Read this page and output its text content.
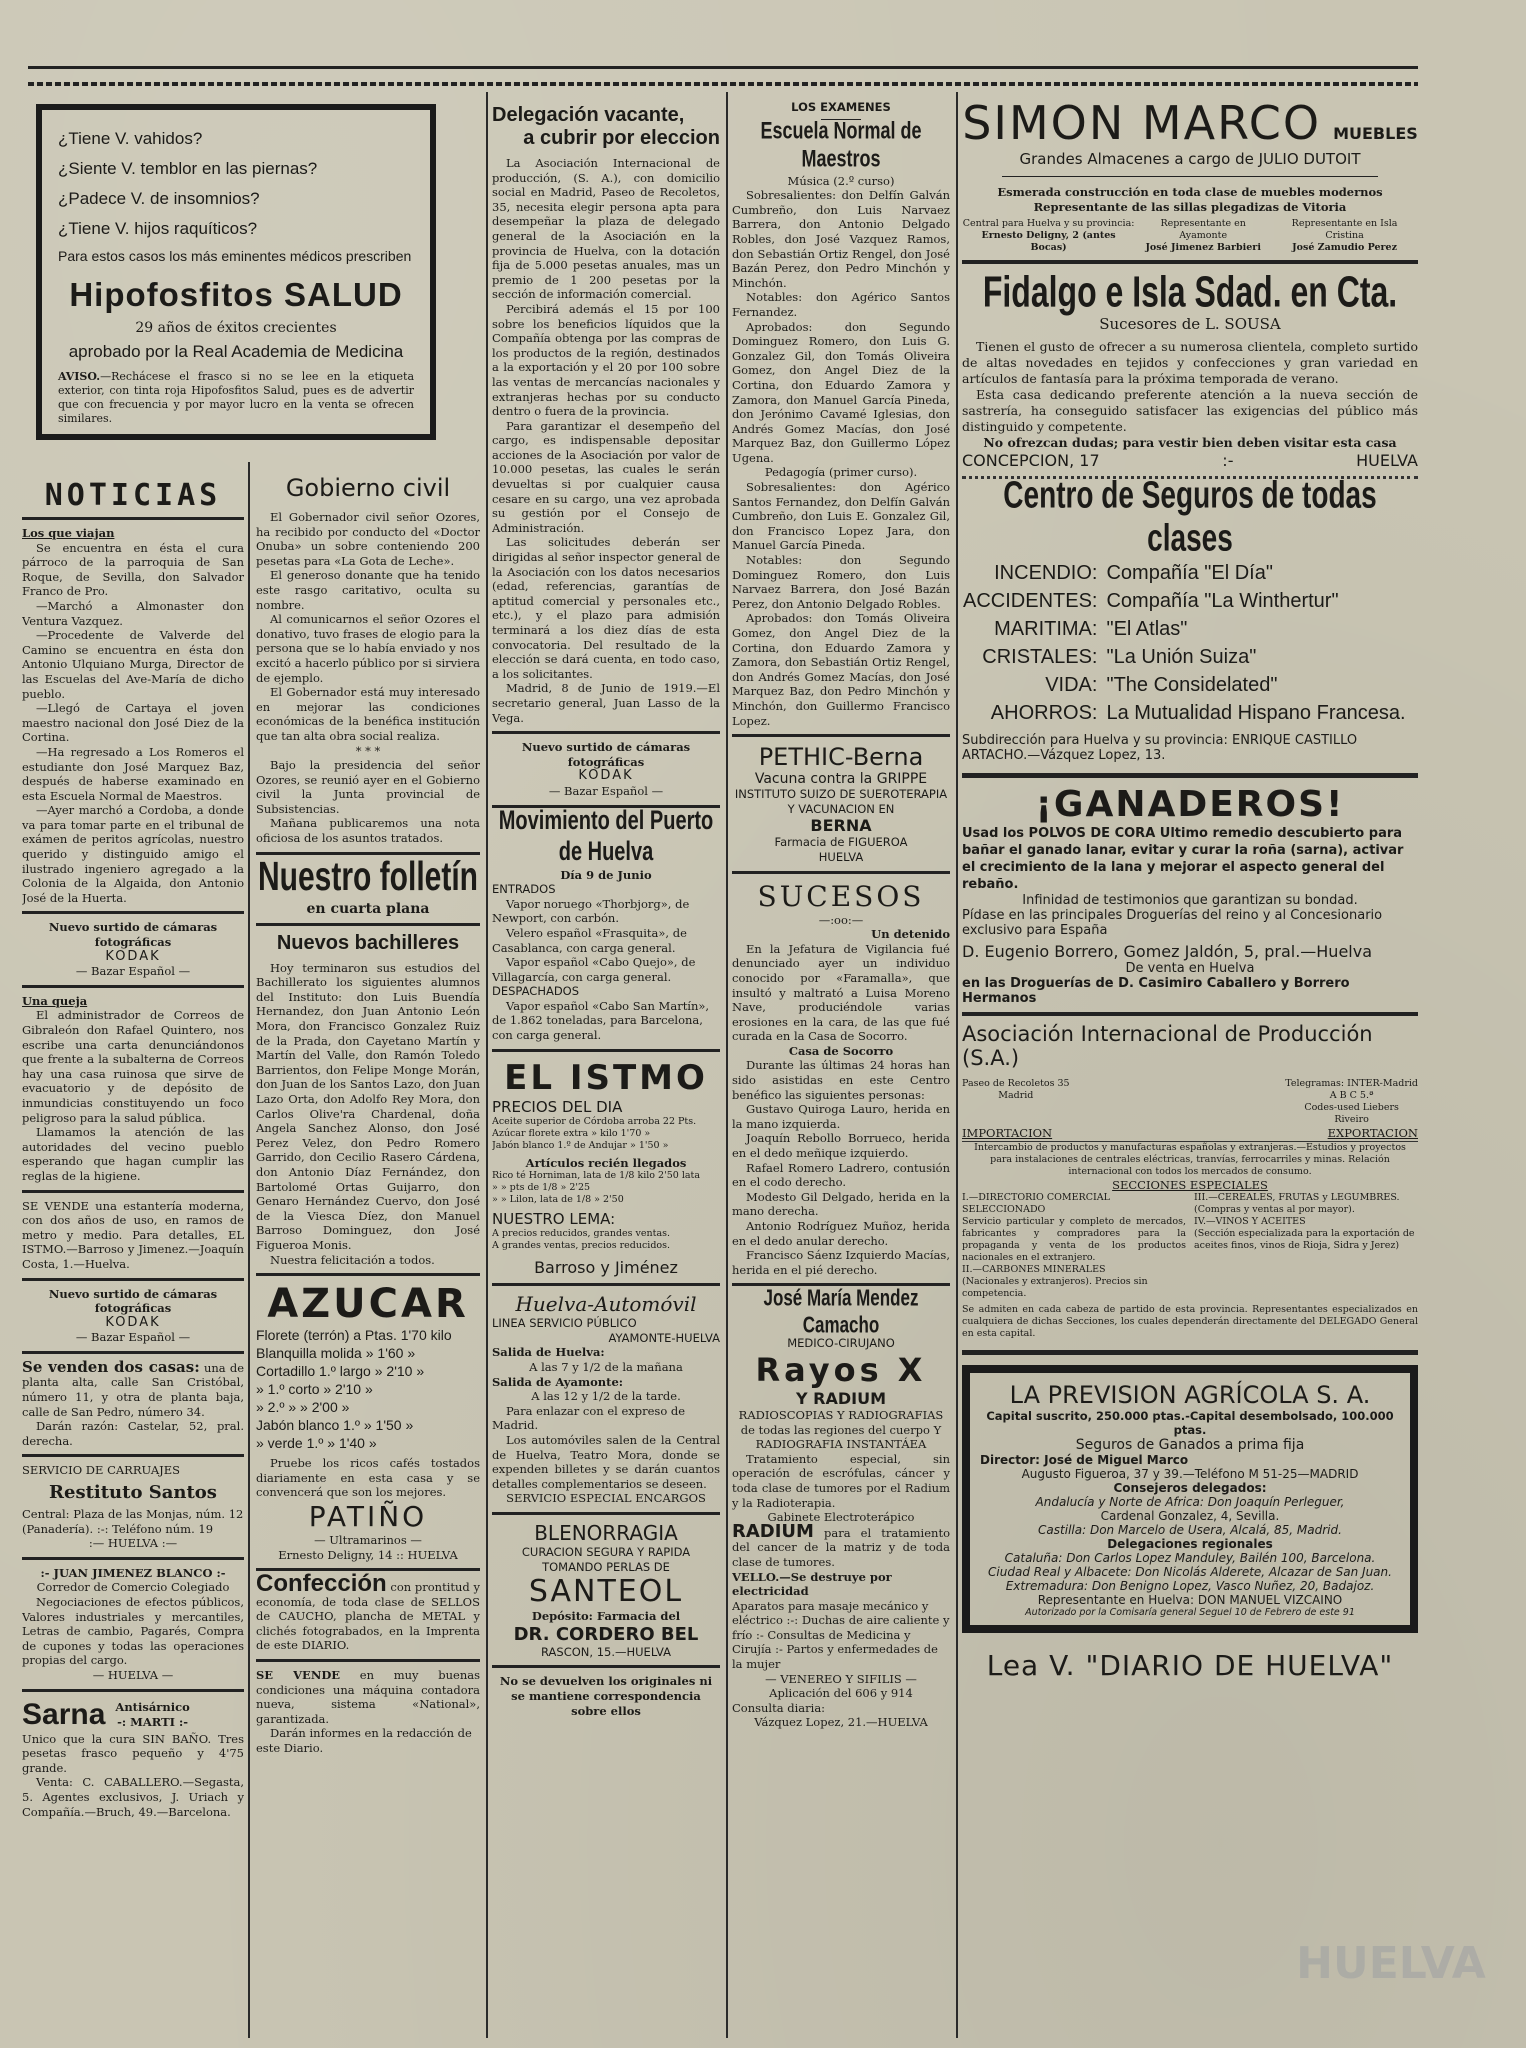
¿Tiene V. vahidos?
¿Siente V. temblor en las piernas?
¿Padece V. de insomnios?
¿Tiene V. hijos raquíticos?
Para estos casos los más eminentes médicos prescriben
Hipofosfitos SALUD
29 años de éxitos crecientes
aprobado por la Real Academia de Medicina
AVISO.—Rechácese el frasco si no se lee en la etiqueta exterior, con tinta roja Hipofosfitos Salud, pues es de advertir que con frecuencia y por mayor lucro en la venta se ofrecen similares.
NOTICIAS

Los que viajan

Se encuentra en ésta el cura párroco de la parroquia de San Roque, de Sevilla, don Salvador Franco de Pro.

—Marchó a Almonaster don Ventura Vazquez.

—Procedente de Valverde del Camino se encuentra en ésta don Antonio Ulquiano Murga, Director de las Escuelas del Ave-María de dicho pueblo.

—Llegó de Cartaya el joven maestro nacional don José Diez de la Cortina.

—Ha regresado a Los Romeros el estudiante don José Marquez Baz, después de haberse examinado en esta Escuela Normal de Maestros.

—Ayer marchó a Cordoba, a donde va para tomar parte en el tribunal de exámen de peritos agrícolas, nuestro querido y distinguido amigo el ilustrado ingeniero agregado a la Colonia de la Algaida, don Antonio José de la Huerta.

Nuevo surtido de cámaras fotográficas
KODAK
— Bazar Español —

Una queja

El administrador de Correos de Gibraleón don Rafael Quintero, nos escribe una carta denunciándonos que frente a la subalterna de Correos hay una casa ruinosa que sirve de evacuatorio y de depósito de inmundicias constituyendo un foco peligroso para la salud pública.

Llamamos la atención de las autoridades del vecino pueblo esperando que hagan cumplir las reglas de la higiene.

SE VENDE una estantería moderna, con dos años de uso, en ramos de metro y medio. Para detalles, EL ISTMO.—Barroso y Jimenez.—Joaquín Costa, 1.—Huelva.
Nuevo surtido de cámaras fotográficas
KODAK
— Bazar Español —
Se venden dos casas: una de planta alta, calle San Cristóbal, número 11, y otra de planta baja, calle de San Pedro, número 34.

Darán razón: Castelar, 52, pral. derecha.

SERVICIO DE CARRUAJES
Restituto Santos
Central: Plaza de las Monjas, núm. 12 (Panadería). :-: Teléfono núm. 19
:— HUELVA :—
:- JUAN JIMENEZ BLANCO :-
Corredor de Comercio Colegiado
Negociaciones de efectos públicos, Valores industriales y mercantiles, Letras de cambio, Pagarés, Compra de cupones y todas las operaciones propias del cargo.
— HUELVA —
Sarna Antisárnico
-: MARTI :-
Unico que la cura SIN BAÑO. Tres pesetas frasco pequeño y 4'75 grande.
Venta: C. CABALLERO.—Segasta, 5. Agentes exclusivos, J. Uriach y Compañía.—Bruch, 49.—Barcelona.
Gobierno civil

El Gobernador civil señor Ozores, ha recibido por conducto del «Doctor Onuba» un sobre conteniendo 200 pesetas para «La Gota de Leche».

El generoso donante que ha tenido este rasgo caritativo, oculta su nombre.

Al comunicarnos el señor Ozores el donativo, tuvo frases de elogio para la persona que se lo había enviado y nos excitó a hacerlo público por si sirviera de ejemplo.

El Gobernador está muy interesado en mejorar las condiciones económicas de la benéfica institución que tan alta obra social realiza.

* * *

Bajo la presidencia del señor Ozores, se reunió ayer en el Gobierno civil la Junta provincial de Subsistencias.

Mañana publicaremos una nota oficiosa de los asuntos tratados.

Nuestro folletín
en cuarta plana
Nuevos bachilleres
Hoy terminaron sus estudios del Bachillerato los siguientes alumnos del Instituto: don Luis Buendía Hernandez, don Juan Antonio León Mora, don Francisco Gonzalez Ruiz de la Prada, don Cayetano Martín y Martín del Valle, don Ramón Toledo Barrientos, don Felipe Monge Morán, don Juan de los Santos Lazo, don Juan Lazo Orta, don Adolfo Rey Mora, don Carlos Olive'ra Chardenal, doña Angela Sanchez Alonso, don José Perez Velez, don Pedro Romero Garrido, don Cecilio Rasero Cárdena, don Antonio Díaz Fernández, don Bartolomé Ortas Guijarro, don Genaro Hernández Cuervo, don José de la Viesca Díez, don Manuel Barroso Dominguez, don José Figueroa Monis.
Nuestra felicitación a todos.
AZUCAR
Florete (terrón) a Ptas. 1'70 kilo
Blanquilla molida » 1'60 »
Cortadillo 1.º largo » 2'10 »
» 1.º corto » 2'10 »
» 2.º » » 2'00 »
Jabón blanco 1.º » 1'50 »
» verde 1.º » 1'40 »
Pruebe los ricos cafés tostados diariamente en esta casa y se convencerá que son los mejores.
PATIÑO
— Ultramarinos —
Ernesto Deligny, 14 :: HUELVA
Confección con prontitud y economía, de toda clase de SELLOS de CAUCHO, plancha de METAL y clichés fotograbados, en la Imprenta de este DIARIO.
SE VENDE en muy buenas condiciones una máquina contadora nueva, sistema «National», garantizada.
Darán informes en la redacción de este Diario.
Delegación vacante,
a cubrir por eleccion

La Asociación Internacional de producción, (S. A.), con domicilio social en Madrid, Paseo de Recoletos, 35, necesita elegir persona apta para desempeñar la plaza de delegado general de la Asociación en la provincia de Huelva, con la dotación fija de 5.000 pesetas anuales, mas un premio de 1 200 pesetas por la sección de información comercial.

Percibirá además el 15 por 100 sobre los beneficios líquidos que la Compañía obtenga por las compras de los productos de la región, destinados a la exportación y el 20 por 100 sobre las ventas de mercancías nacionales y extranjeras hechas por su conducto dentro o fuera de la provincia.

Para garantizar el desempeño del cargo, es indispensable depositar acciones de la Asociación por valor de 10.000 pesetas, las cuales le serán devueltas si por cualquier causa cesare en su cargo, una vez aprobada su gestión por el Consejo de Administración.

Las solicitudes deberán ser dirigidas al señor inspector general de la Asociación con los datos necesarios (edad, referencias, garantías de aptitud comercial y personales etc., etc.), y el plazo para admisión terminará a los diez días de esta convocatoria. Del resultado de la elección se dará cuenta, en todo caso, a los solicitantes.

Madrid, 8 de Junio de 1919.—El secretario general, Juan Lasso de la Vega.

Nuevo surtido de cámaras fotográficas
KODAK
— Bazar Español —
Movimiento del Puerto de Huelva
Día 9 de Junio
ENTRADOS

Vapor noruego «Thorbjorg», de Newport, con carbón.

Velero español «Frasquita», de Casablanca, con carga general.

Vapor español «Cabo Quejo», de Villagarcía, con carga general.

DESPACHADOS

Vapor español «Cabo San Martín», de 1.862 toneladas, para Barcelona, con carga general.

EL ISTMO
PRECIOS DEL DIA
Aceite superior de Córdoba arroba 22 Pts.
Azúcar florete extra » kilo 1'70 »
Jabón blanco 1.º de Andujar » 1'50 »
Artículos recién llegados
Rico té Horniman, lata de 1/8 kilo 2'50 lata
» » pts de 1/8 » 2'25
» » Lilon, lata de 1/8 » 2'50
NUESTRO LEMA:
A precios reducidos, grandes ventas.
A grandes ventas, precios reducidos.
Barroso y Jiménez
Huelva-Automóvil
LINEA SERVICIO PÚBLICO
AYAMONTE-HUELVA
Salida de Huelva:
A las 7 y 1/2 de la mañana
Salida de Ayamonte:
A las 12 y 1/2 de la tarde.

Para enlazar con el expreso de Madrid.

Los automóviles salen de la Central de Huelva, Teatro Mora, donde se expenden billetes y se darán cuantos detalles complementarios se deseen.

SERVICIO ESPECIAL ENCARGOS
BLENORRAGIA
CURACION SEGURA Y RAPIDA
TOMANDO PERLAS DE
SANTEOL
Depósito: Farmacia del
DR. CORDERO BEL
RASCON, 15.—HUELVA
No se devuelven los originales ni se mantiene correspondencia sobre ellos
LOS EXAMENES
Escuela Normal de Maestros
Música (2.º curso)

Sobresalientes: don Delfín Galván Cumbreño, don Luis Narvaez Barrera, don Antonio Delgado Robles, don José Vazquez Ramos, don Sebastián Ortiz Rengel, don José Bazán Perez, don Pedro Minchón y Minchón.

Notables: don Agérico Santos Fernandez.

Aprobados: don Segundo Dominguez Romero, don Luis G. Gonzalez Gil, don Tomás Oliveira Gomez, don Angel Diez de la Cortina, don Eduardo Zamora y Zamora, don Manuel García Pineda, don Jerónimo Cavamé Iglesias, don Andrés Gomez Macías, don José Marquez Baz, don Guillermo López Ugena.

Pedagogía (primer curso).

Sobresalientes: don Agérico Santos Fernandez, don Delfín Galván Cumbreño, don Luis E. Gonzalez Gil, don Francisco Lopez Jara, don Manuel García Pineda.

Notables: don Segundo Dominguez Romero, don Luis Narvaez Barrera, don José Bazán Perez, don Antonio Delgado Robles.

Aprobados: don Tomás Oliveira Gomez, don Angel Diez de la Cortina, don Eduardo Zamora y Zamora, don Sebastián Ortiz Rengel, don Andrés Gomez Macías, don José Marquez Baz, don Pedro Minchón y Minchón, don Guillermo Francisco Lopez.

PETHIC-Berna
Vacuna contra la GRIPPE
INSTITUTO SUIZO DE SUEROTERAPIA Y VACUNACION EN
BERNA
Farmacia de FIGUEROA
HUELVA
SUCESOS
—:oo:—

Un detenido

En la Jefatura de Vigilancia fué denunciado ayer un individuo conocido por «Faramalla», que insultó y maltrató a Luisa Moreno Nave, produciéndole varias erosiones en la cara, de las que fué curada en la Casa de Socorro.

Casa de Socorro

Durante las últimas 24 horas han sido asistidas en este Centro benéfico las siguientes personas:

Gustavo Quiroga Lauro, herida en la mano izquierda.

Joaquín Rebollo Borrueco, herida en el dedo meñique izquierdo.

Rafael Romero Ladrero, contusión en el codo derecho.

Modesto Gil Delgado, herida en la mano derecha.

Antonio Rodríguez Muñoz, herida en el dedo anular derecho.

Francisco Sáenz Izquierdo Macías, herida en el pié derecho.

José María Mendez Camacho
MEDICO-CIRUJANO
Rayos X
Y RADIUM
RADIOSCOPIAS Y RADIOGRAFIAS de todas las regiones del cuerpo Y RADIOGRAFIA INSTANTÁEA
Tratamiento especial, sin operación de escrófulas, cáncer y toda clase de tumores por el Radium y la Radioterapia.
Gabinete Electroterápico
RADIUM para el tratamiento del cancer de la matriz y de toda clase de tumores.
VELLO.—Se destruye por electricidad
Aparatos para masaje mecánico y eléctrico :-: Duchas de aire caliente y frío :- Consultas de Medicina y Cirujía :- Partos y enfermedades de la mujer
— VENEREO Y SIFILIS —
Aplicación del 606 y 914
Consulta diaria:
Vázquez Lopez, 21.—HUELVA
SIMON MARCO MUEBLES
Grandes Almacenes a cargo de JULIO DUTOIT
Esmerada construcción en toda clase de muebles modernos
Representante de las sillas plegadizas de Vitoria
Central para Huelva y su provincia:
Ernesto Deligny, 2 (antes Bocas)
Representante en Ayamonte
José Jimenez Barbieri
Representante en Isla Cristina
José Zamudio Perez
Fidalgo e Isla Sdad. en Cta.
Sucesores de L. SOUSA

Tienen el gusto de ofrecer a su numerosa clientela, completo surtido de altas novedades en tejidos y confecciones y gran variedad en artículos de fantasía para la próxima temporada de verano.

Esta casa dedicando preferente atención a la nueva sección de sastrería, ha conseguido satisfacer las exigencias del público más distinguido y competente.

No ofrezcan dudas; para vestir bien deben visitar esta casa

CONCEPCION, 17	:-	HUELVA
Centro de Seguros de todas clases
INCENDIO:	Compañía "El Día"
ACCIDENTES:	Compañía "La Winthertur"
MARITIMA:	"El Atlas"
CRISTALES:	"La Unión Suiza"
VIDA:	"The Considelated"
AHORROS:	La Mutualidad Hispano Francesa.
Subdirección para Huelva y su provincia: ENRIQUE CASTILLO ARTACHO.—Vázquez Lopez, 13.
¡GANADEROS!
Usad los POLVOS DE CORA Ultimo remedio descubierto para bañar el ganado lanar, evitar y curar la roña (sarna), activar el crecimiento de la lana y mejorar el aspecto general del rebaño.
Infinidad de testimonios que garantizan su bondad.
Pídase en las principales Droguerías del reino y al Concesionario exclusivo para España
D. Eugenio Borrero, Gomez Jaldón, 5, pral.—Huelva
De venta en Huelva
en las Droguerías de D. Casimiro Caballero y Borrero Hermanos
Asociación Internacional de Producción (S.A.)
Paseo de Recoletos 35
Madrid
Telegramas: INTER-Madrid
A B C 5.ª
Codes-used Liebers
Riveiro
IMPORTACION	EXPORTACION
Intercambio de productos y manufacturas españolas y extranjeras.—Estudios y proyectos para instalaciones de centrales eléctricas, tranvías, ferrocarriles y minas. Relación internacional con todos los mercados de consumo.
SECCIONES ESPECIALES
I.—DIRECTORIO COMERCIAL SELECCIONADO
Servicio particular y completo de mercados, fabricantes y compradores para la propaganda y venta de los productos nacionales en el extranjero.
II.—CARBONES MINERALES
(Nacionales y extranjeros). Precios sin competencia.
III.—CEREALES, FRUTAS y LEGUMBRES.
(Compras y ventas al por mayor).
IV.—VINOS Y ACEITES
(Sección especializada para la exportación de aceites finos, vinos de Rioja, Sidra y Jerez)
Se admiten en cada cabeza de partido de esta provincia. Representantes especializados en cualquiera de dichas Secciones, los cuales dependerán directamente del DELEGADO General en esta capital.
LA PREVISION AGRÍCOLA S. A.
Capital suscrito, 250.000 ptas.-Capital desembolsado, 100.000 ptas.
Seguros de Ganados a prima fija
Director: José de Miguel Marco
Augusto Figueroa, 37 y 39.—Teléfono M 51-25—MADRID
Consejeros delegados:
Andalucía y Norte de Africa: Don Joaquín Perleguer,
Cardenal Gonzalez, 4, Sevilla.
Castilla: Don Marcelo de Usera, Alcalá, 85, Madrid.
Delegaciones regionales
Cataluña: Don Carlos Lopez Manduley, Bailén 100, Barcelona.
Ciudad Real y Albacete: Don Nicolás Alderete, Alcazar de San Juan.
Extremadura: Don Benigno Lopez, Vasco Nuñez, 20, Badajoz.
Representante en Huelva: DON MANUEL VIZCAINO
Autorizado por la Comisaría general Seguel 10 de Febrero de este 91
Lea V. "DIARIO DE HUELVA"
HUELVA
